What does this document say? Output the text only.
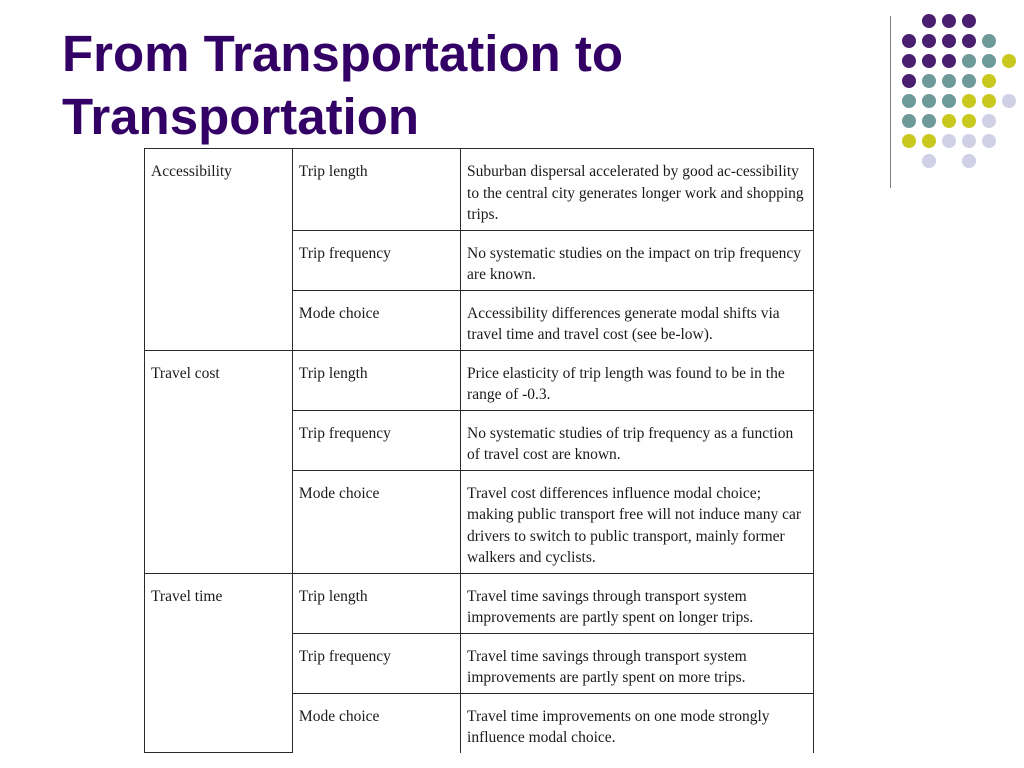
From Transportation to
Transportation
Accessibility	Trip length	Suburban dispersal accelerated by good ac-cessibility to the central city generates longer work and shopping trips.
	Trip frequency	No systematic studies on the impact on trip frequency are known.
	Mode choice	Accessibility differences generate modal shifts via travel time and travel cost (see be-low).
Travel cost	Trip length	Price elasticity of trip length was found to be in the range of -0.3.
	Trip frequency	No systematic studies of trip frequency as a function of travel cost are known.
	Mode choice	Travel cost differences influence modal choice; making public transport free will not induce many car drivers to switch to public transport, mainly former walkers and cyclists.
Travel time	Trip length	Travel time savings through transport system improvements are partly spent on longer trips.
	Trip frequency	Travel time savings through transport system improvements are partly spent on more trips.
	Mode choice	Travel time improvements on one mode strongly influence modal choice.
